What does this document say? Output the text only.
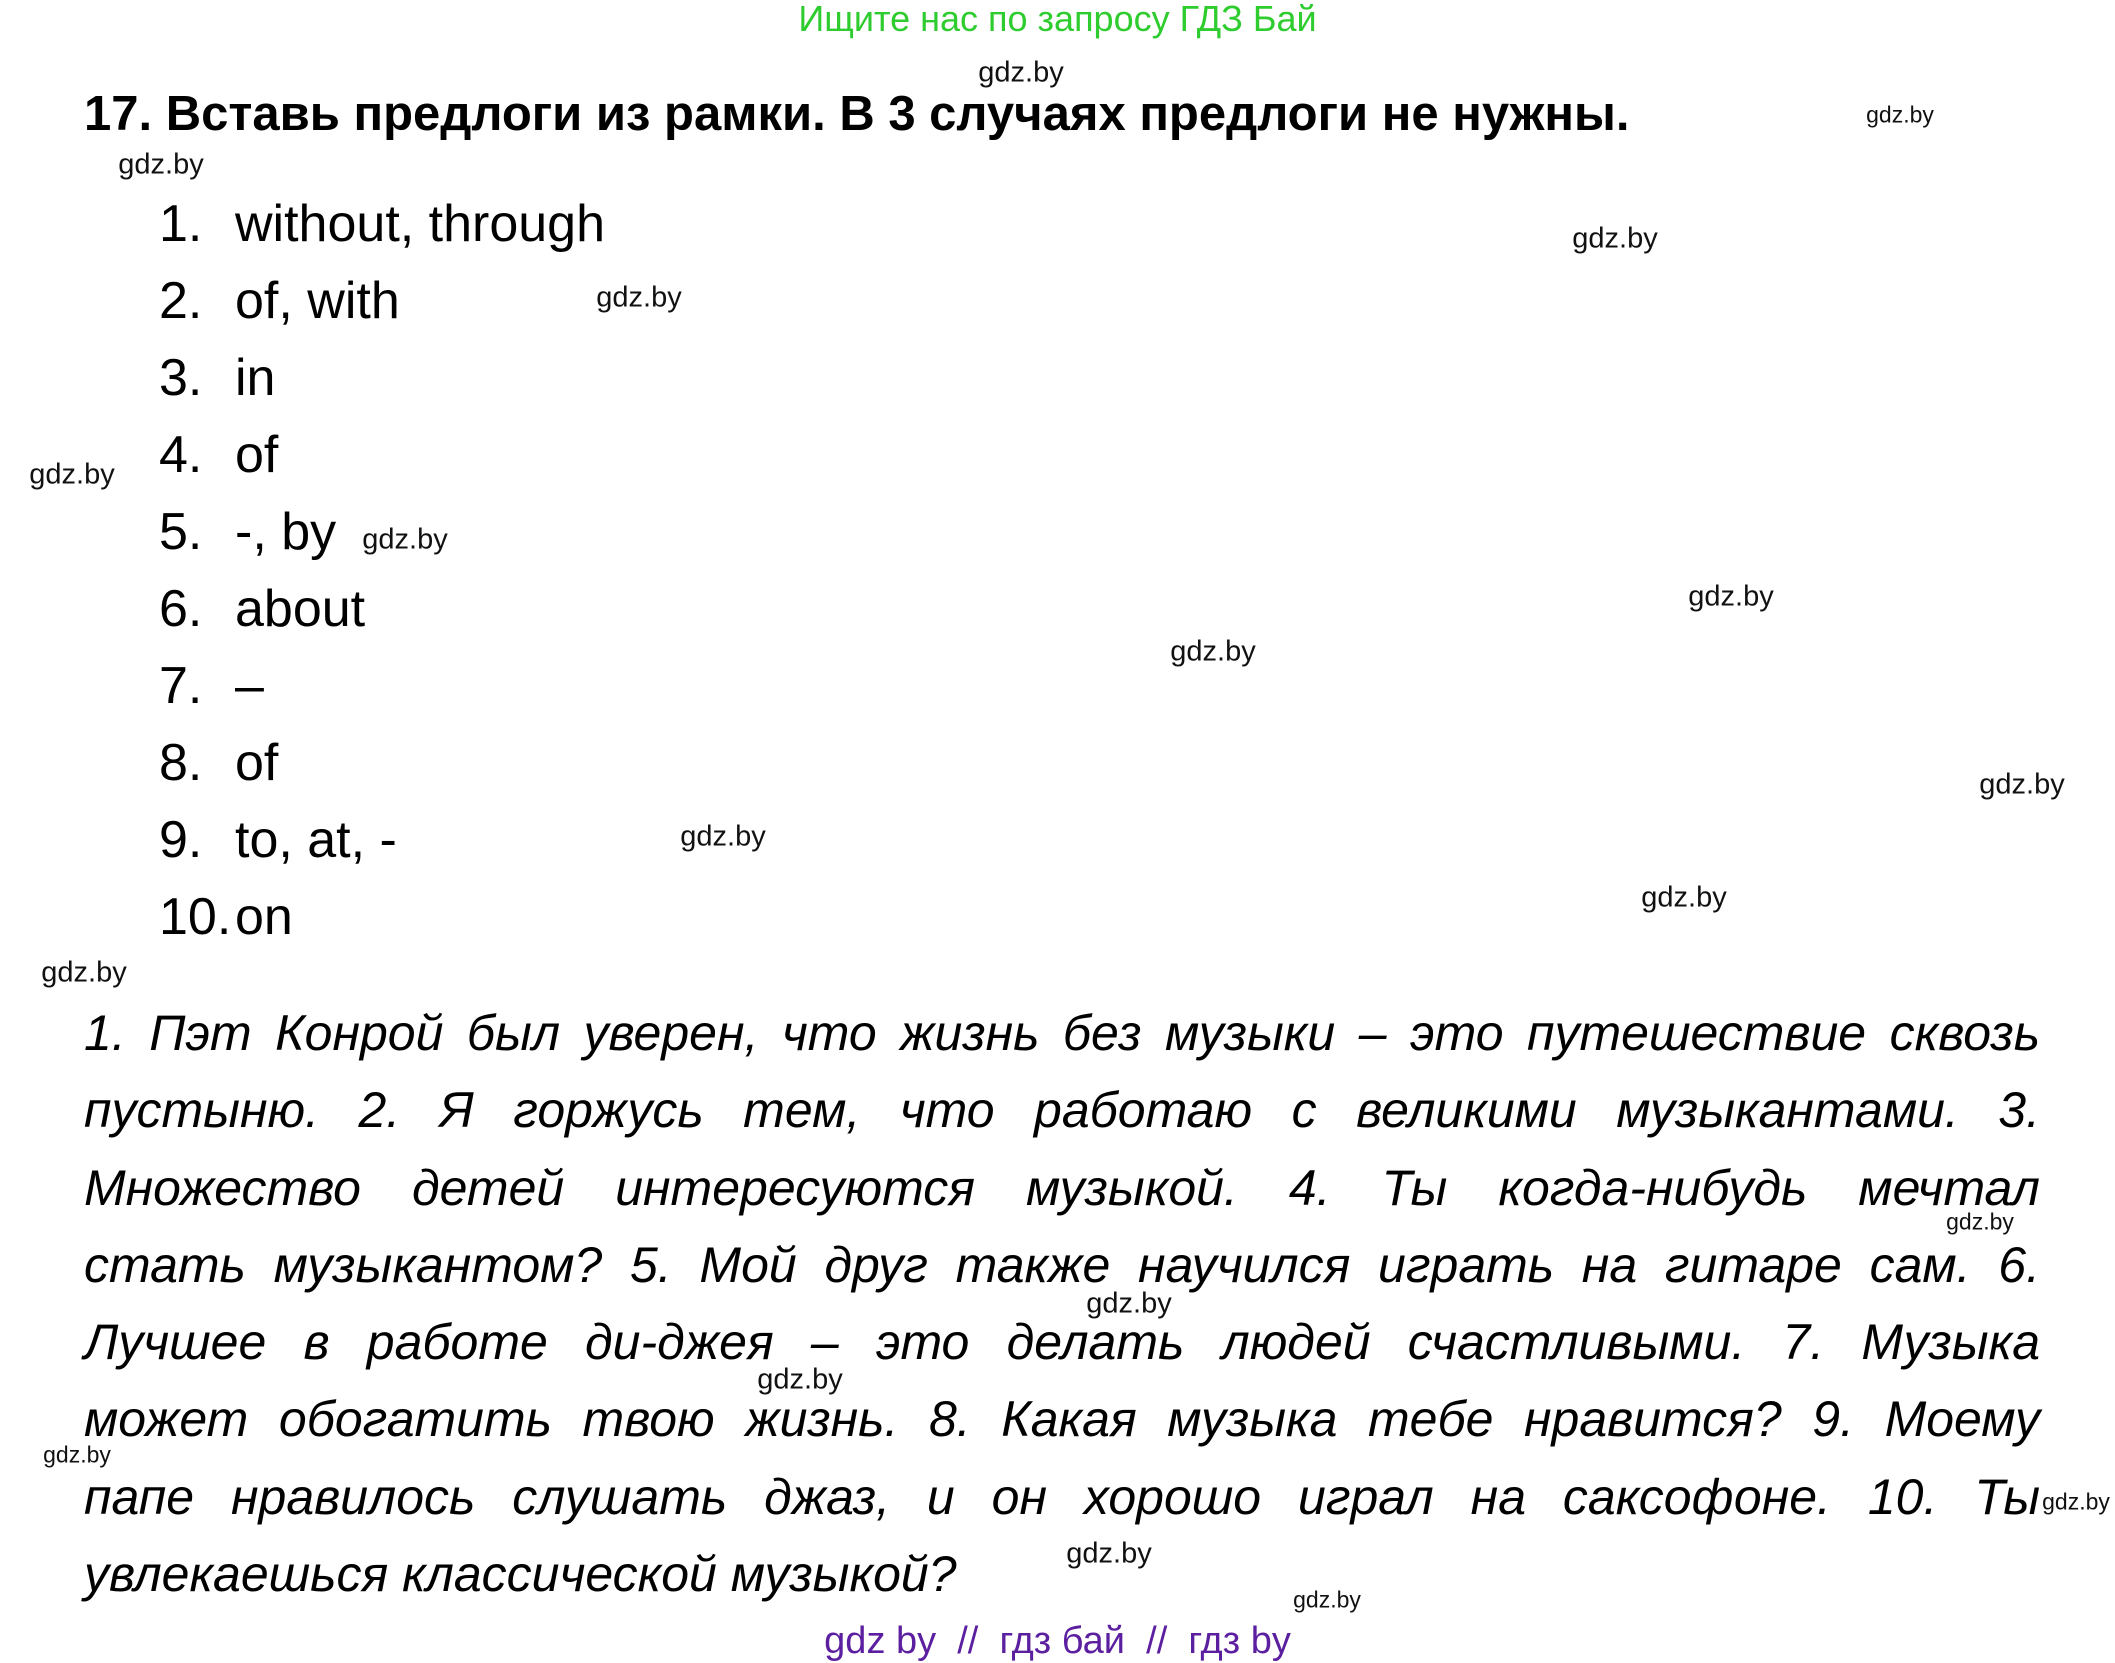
Ищите нас по запросу ГДЗ Бай
17. Вставь предлоги из рамки. В 3 случаях предлоги не нужны.
1. without, through
2. of, with
3. in
4. of
5. -, by
6. about
7. –
8. of
9. to, at, -
10.on
1. Пэт Конрой был уверен, что жизнь без музыки – это путешествие сквозь
пустыню. 2. Я горжусь тем, что работаю с великими музыкантами. 3.
Множество детей интересуются музыкой. 4. Ты когда-нибудь мечтал
стать музыкантом? 5. Мой друг также научился играть на гитаре сам. 6.
Лучшее в работе ди-джея – это делать людей счастливыми. 7. Музыка
может обогатить твою жизнь. 8. Какая музыка тебе нравится? 9. Моему
папе нравилось слушать джаз, и он хорошо играл на саксофоне. 10. Ты
увлекаешься классической музыкой?
gdz.by
gdz.by
gdz.by
gdz.by
gdz.by
gdz.by
gdz.by
gdz.by
gdz.by
gdz.by
gdz.by
gdz.by
gdz.by
gdz.by
gdz.by
gdz.by
gdz.by
gdz.by
gdz.by
gdz.by
gdz by  //  гдз бай  //  гдз by
